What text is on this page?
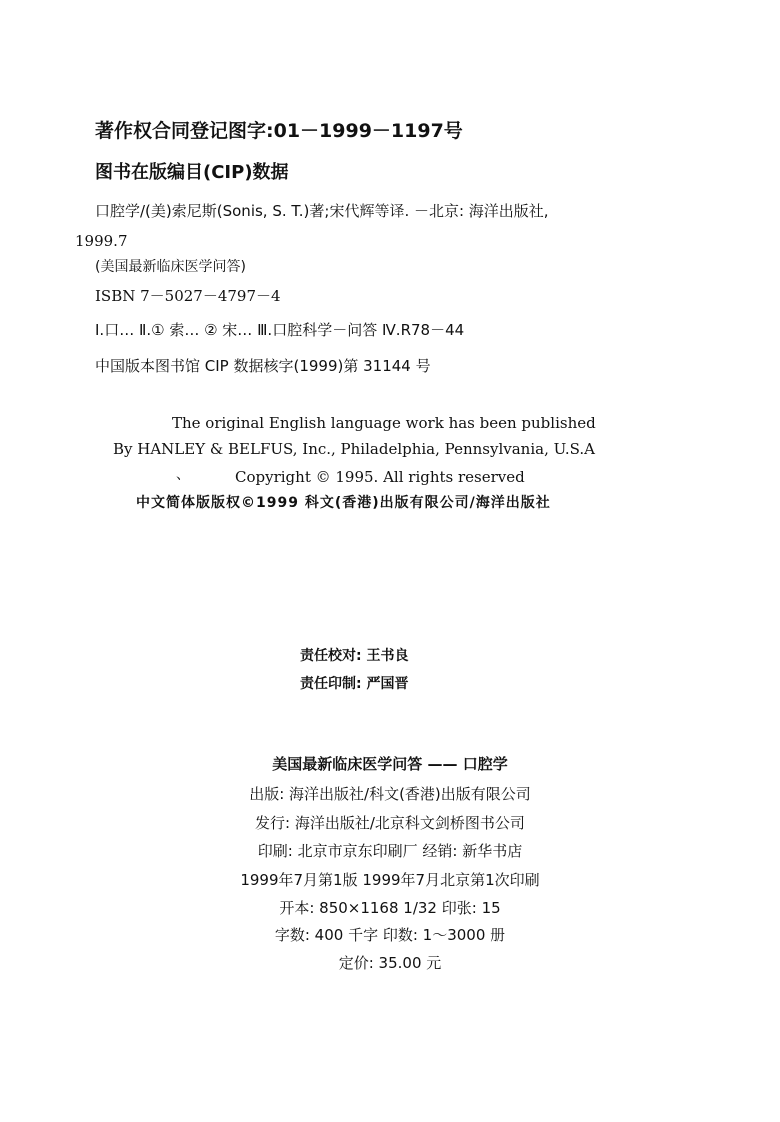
著作权合同登记图字:01－1999－1197号
图书在版编目(CIP)数据
口腔学/(美)索尼斯(Sonis, S. T.)著;宋代辉等译. －北京: 海洋出版社,
1999.7
(美国最新临床医学问答)
ISBN 7－5027－4797－4
Ⅰ.口… Ⅱ.① 索… ② 宋… Ⅲ.口腔科学－问答 Ⅳ.R78－44
中国版本图书馆 CIP 数据核字(1999)第 31144 号
The original English language work has been published
By HANLEY & BELFUS, Inc., Philadelphia, Pennsylvania, U.S.A
、	Copyright © 1995. All rights reserved
中文简体版版权©1999 科文(香港)出版有限公司/海洋出版社
责任校对: 王书良
责任印制: 严国晋
美国最新临床医学问答 —— 口腔学
出版: 海洋出版社/科文(香港)出版有限公司
发行: 海洋出版社/北京科文剑桥图书公司
印刷: 北京市京东印刷厂 经销: 新华书店
1999年7月第1版 1999年7月北京第1次印刷
开本: 850×1168 1/32 印张: 15
字数: 400 千字 印数: 1～3000 册
定价: 35.00 元
